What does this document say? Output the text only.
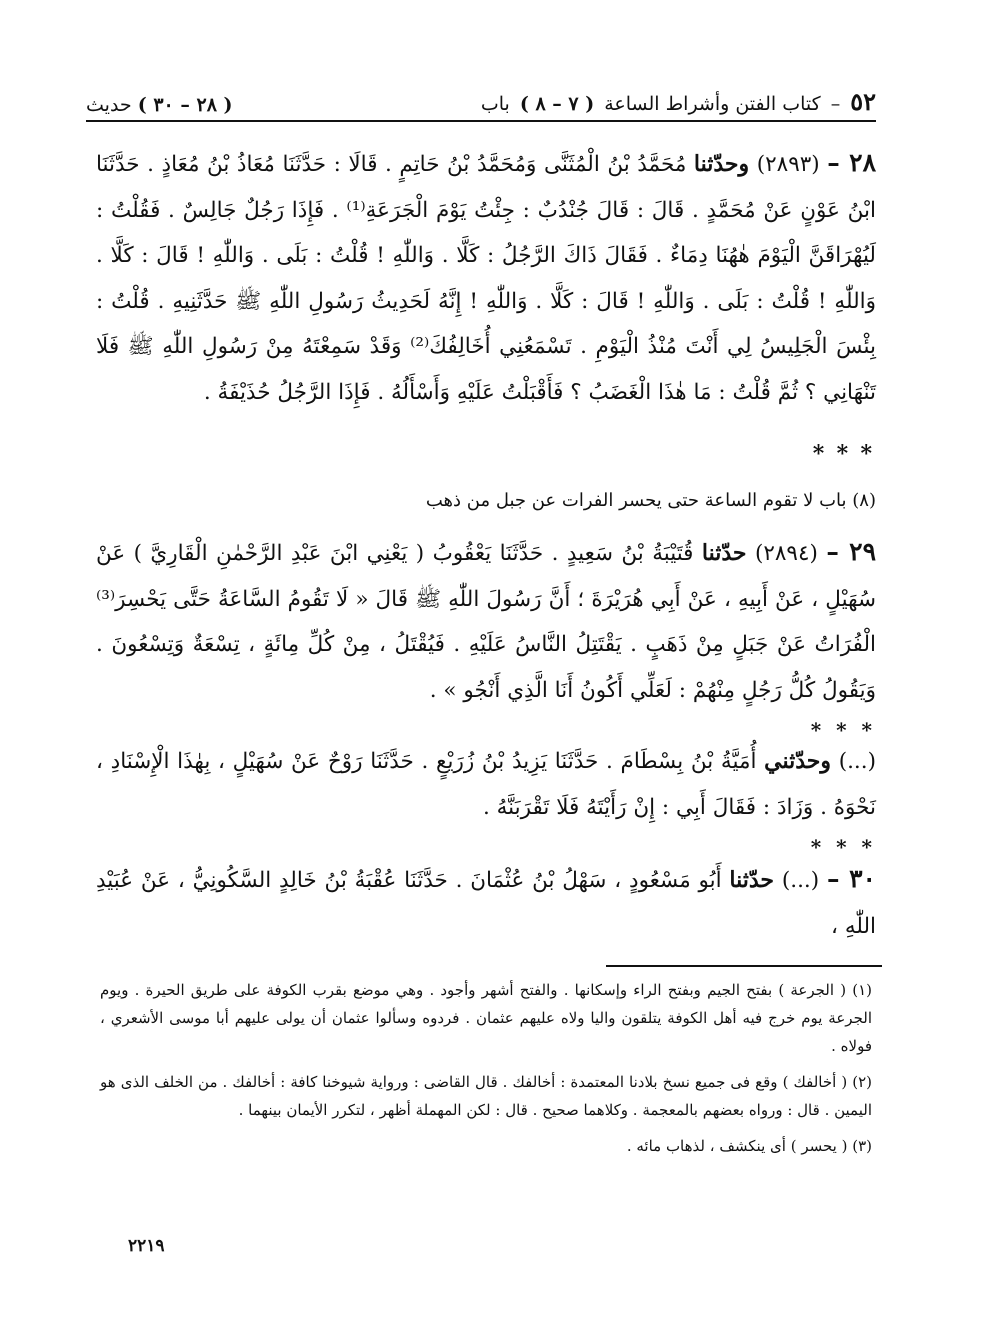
٥٢
–
كتاب الفتن وأشراط الساعة
( ٧ – ٨ )
باب
( ٢٨ – ٣٠ ) حديث

٢٨ – (٢٨٩٣) وحدّثنا مُحَمَّدُ بْنُ الْمُثَنَّى وَمُحَمَّدُ بْنُ حَاتِمٍ . قَالَا : حَدَّثَنَا مُعَاذُ بْنُ مُعَاذٍ . حَدَّثَنَا ابْنُ عَوْنٍ عَنْ مُحَمَّدٍ . قَالَ : قَالَ جُنْدُبٌ : جِئْتُ يَوْمَ الْجَرَعَةِ⁽¹⁾ . فَإِذَا رَجُلٌ جَالِسٌ . فَقُلْتُ : لَيُهْرَاقَنَّ الْيَوْمَ هٰهُنَا دِمَاءٌ . فَقَالَ ذَاكَ الرَّجُلُ : كَلَّا . وَاللّٰهِ ! قُلْتُ : بَلَى . وَاللّٰهِ ! قَالَ : كَلَّا . وَاللّٰهِ ! قُلْتُ : بَلَى . وَاللّٰهِ ! قَالَ : كَلَّا . وَاللّٰهِ ! إِنَّهُ لَحَدِيثُ رَسُولِ اللّٰهِ ﷺ حَدَّثَنِيهِ . قُلْتُ : بِئْسَ الْجَلِيسُ لِي أَنْتَ مُنْذُ الْيَوْمِ . تَسْمَعُنِي أُخَالِفُكَ⁽²⁾ وَقَدْ سَمِعْتَهُ مِنْ رَسُولِ اللّٰهِ ﷺ فَلَا تَنْهَانِي ؟ ثُمَّ قُلْتُ : مَا هٰذَا الْغَضَبُ ؟ فَأَقْبَلْتُ عَلَيْهِ وَأَسْأَلُهُ . فَإِذَا الرَّجُلُ حُذَيْفَةُ .

* * *

(٨) باب لا تقوم الساعة حتى يحسر الفرات عن جبل من ذهب

٢٩ – (٢٨٩٤) حدّثنا قُتَيْبَةُ بْنُ سَعِيدٍ . حَدَّثَنَا يَعْقُوبُ ( يَعْنِي ابْنَ عَبْدِ الرَّحْمٰنِ الْقَارِيَّ ) عَنْ سُهَيْلٍ ، عَنْ أَبِيهِ ، عَنْ أَبِي هُرَيْرَةَ ؛ أَنَّ رَسُولَ اللّٰهِ ﷺ قَالَ « لَا تَقُومُ السَّاعَةُ حَتَّى يَحْسِرَ⁽³⁾ الْفُرَاتُ عَنْ جَبَلٍ مِنْ ذَهَبٍ . يَقْتَتِلُ النَّاسُ عَلَيْهِ . فَيُقْتَلُ ، مِنْ كُلِّ مِائَةٍ ، تِسْعَةٌ وَتِسْعُونَ . وَيَقُولُ كُلُّ رَجُلٍ مِنْهُمْ : لَعَلِّي أَكُونُ أَنَا الَّذِي أَنْجُو » .

* * *

(...) وحدّثني أُمَيَّةُ بْنُ بِسْطَامَ . حَدَّثَنَا يَزِيدُ بْنُ زُرَيْعٍ . حَدَّثَنَا رَوْحٌ عَنْ سُهَيْلٍ ، بِهٰذَا الْإِسْنَادِ ، نَحْوَهُ . وَزَادَ : فَقَالَ أَبِي : إِنْ رَأَيْتَهُ فَلَا تَقْرَبَنَّهُ .

* * *

٣٠ – (...) حدّثنا أَبُو مَسْعُودٍ ، سَهْلُ بْنُ عُثْمَانَ . حَدَّثَنَا عُقْبَةُ بْنُ خَالِدٍ السَّكُونِيُّ ، عَنْ عُبَيْدِ اللّٰهِ ،

(١) ( الجرعة ) بفتح الجيم وبفتح الراء وإسكانها . والفتح أشهر وأجود . وهي موضع بقرب الكوفة على طريق الحيرة . ويوم الجرعة يوم خرج فيه أهل الكوفة يتلقون واليا ولاه عليهم عثمان . فردوه وسألوا عثمان أن يولى عليهم أبا موسى الأشعري ، فولاه .

(٢) ( أخالفك ) وقع فى جميع نسخ بلادنا المعتمدة : أخالفك . قال القاضى : ورواية شيوخنا كافة : أخالفك . من الخلف الذى هو اليمين . قال : ورواه بعضهم بالمعجمة . وكلاهما صحيح . قال : لكن المهملة أظهر ، لتكرر الأيمان بينهما .

(٣) ( يحسر ) أى ينكشف ، لذهاب مائه .

٢٢١٩
